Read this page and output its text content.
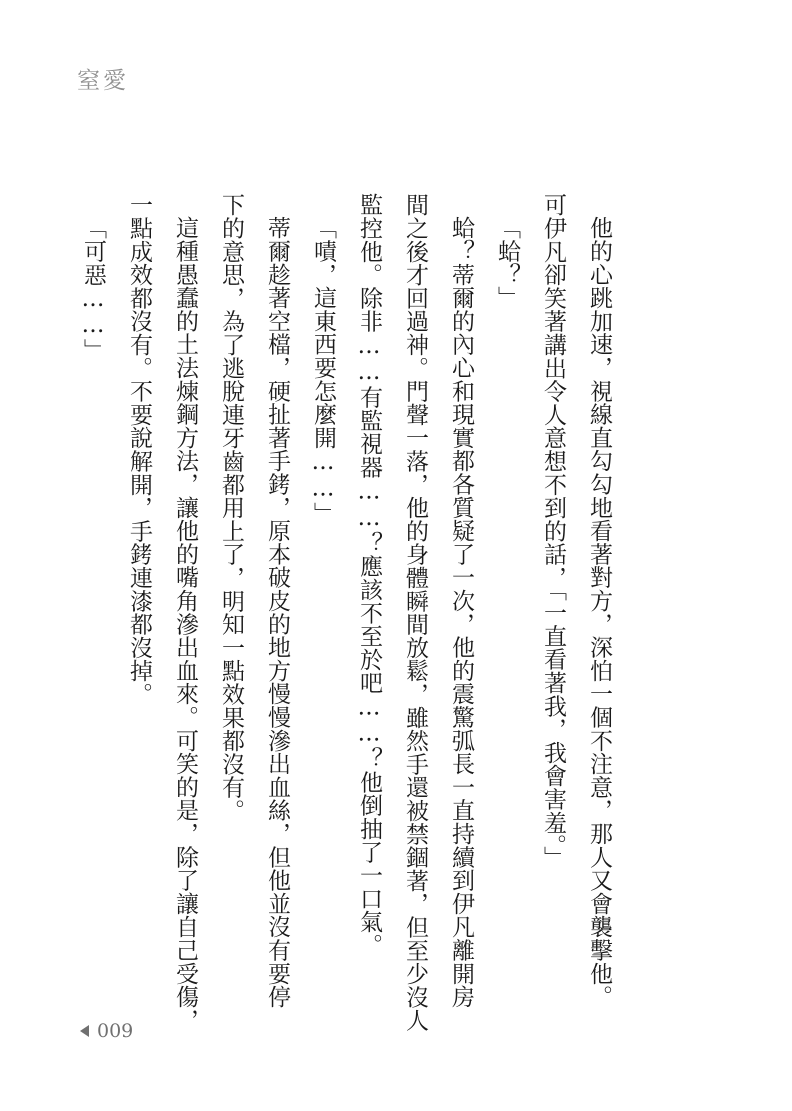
窒愛

他的心跳加速，視線直勾勾地看著對方，深怕一個不注意，那人又會襲擊他。

可伊凡卻笑著講出令人意想不到的話，「一直看著我，我會害羞。」

「蛤？」

蛤？蒂爾的內心和現實都各質疑了一次，他的震驚弧長一直持續到伊凡離開房

間之後才回過神。門聲一落，他的身體瞬間放鬆，雖然手還被禁錮著，但至少沒人

監控他。除非……有監視器……？應該不至於吧……？他倒抽了一口氣。

「嘖，這東西要怎麼開……」

蒂爾趁著空檔，硬扯著手銬，原本破皮的地方慢慢滲出血絲，但他並沒有要停

下的意思，為了逃脫連牙齒都用上了，明知一點效果都沒有。

這種愚蠢的土法煉鋼方法，讓他的嘴角滲出血來。可笑的是，除了讓自己受傷，

一點成效都沒有。不要說解開，手銬連漆都沒掉。

「可惡……」

009
